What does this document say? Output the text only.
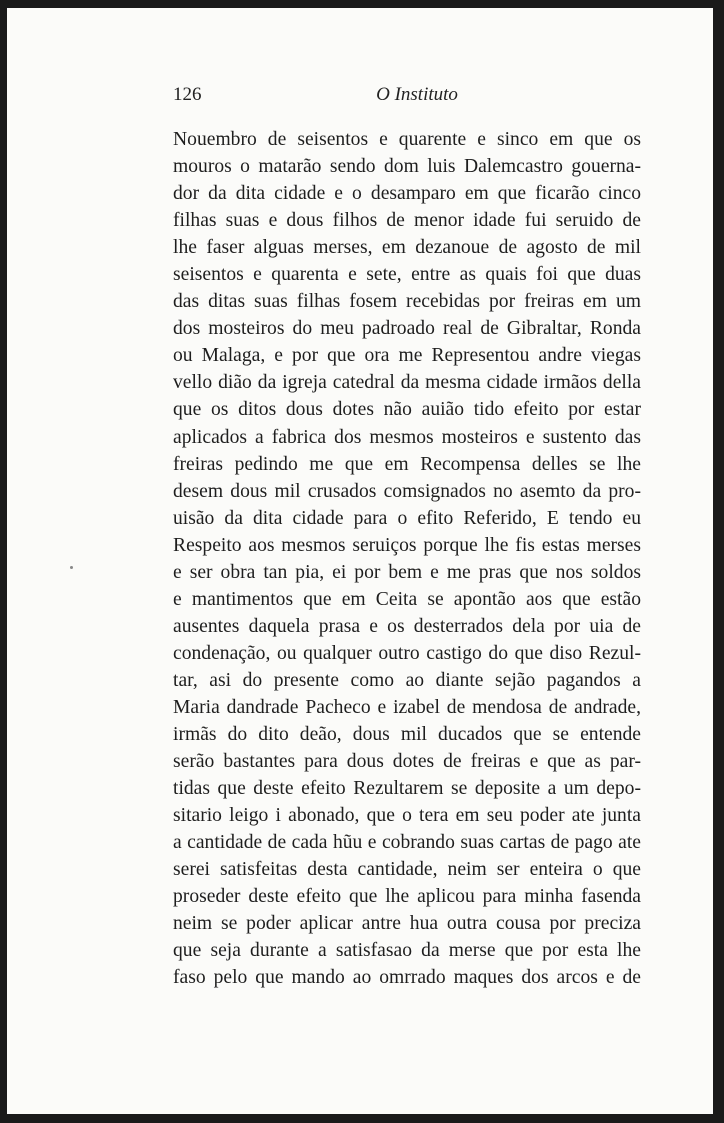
126	O Instituto
Nouembro de seisentos e quarente e sinco em que os
mouros o matarão sendo dom luis Dalemcastro gouerna-
dor da dita cidade e o desamparo em que ficarão cinco
filhas suas e dous filhos de menor idade fui seruido de
lhe faser alguas merses, em dezanoue de agosto de mil
seisentos e quarenta e sete, entre as quais foi que duas
das ditas suas filhas fosem recebidas por freiras em um
dos mosteiros do meu padroado real de Gibraltar, Ronda
ou Malaga, e por que ora me Representou andre viegas
vello dião da igreja catedral da mesma cidade irmãos della
que os ditos dous dotes não auião tido efeito por estar
aplicados a fabrica dos mesmos mosteiros e sustento das
freiras pedindo me que em Recompensa delles se lhe
desem dous mil crusados comsignados no asemto da pro-
uisão da dita cidade para o efito Referido, E tendo eu
Respeito aos mesmos seruiços porque lhe fis estas merses
e ser obra tan pia, ei por bem e me pras que nos soldos
e mantimentos que em Ceita se apontão aos que estão
ausentes daquela prasa e os desterrados dela por uia de
condenação, ou qualquer outro castigo do que diso Rezul-
tar, asi do presente como ao diante sejão pagandos a
Maria dandrade Pacheco e izabel de mendosa de andrade,
irmãs do dito deão, dous mil ducados que se entende
serão bastantes para dous dotes de freiras e que as par-
tidas que deste efeito Rezultarem se deposite a um depo-
sitario leigo i abonado, que o tera em seu poder ate junta
a cantidade de cada hũu e cobrando suas cartas de pago ate
serei satisfeitas desta cantidade, neim ser enteira o que
proseder deste efeito que lhe aplicou para minha fasenda
neim se poder aplicar antre hua outra cousa por preciza
que seja durante a satisfasao da merse que por esta lhe
faso pelo que mando ao omrrado maques dos arcos e de
